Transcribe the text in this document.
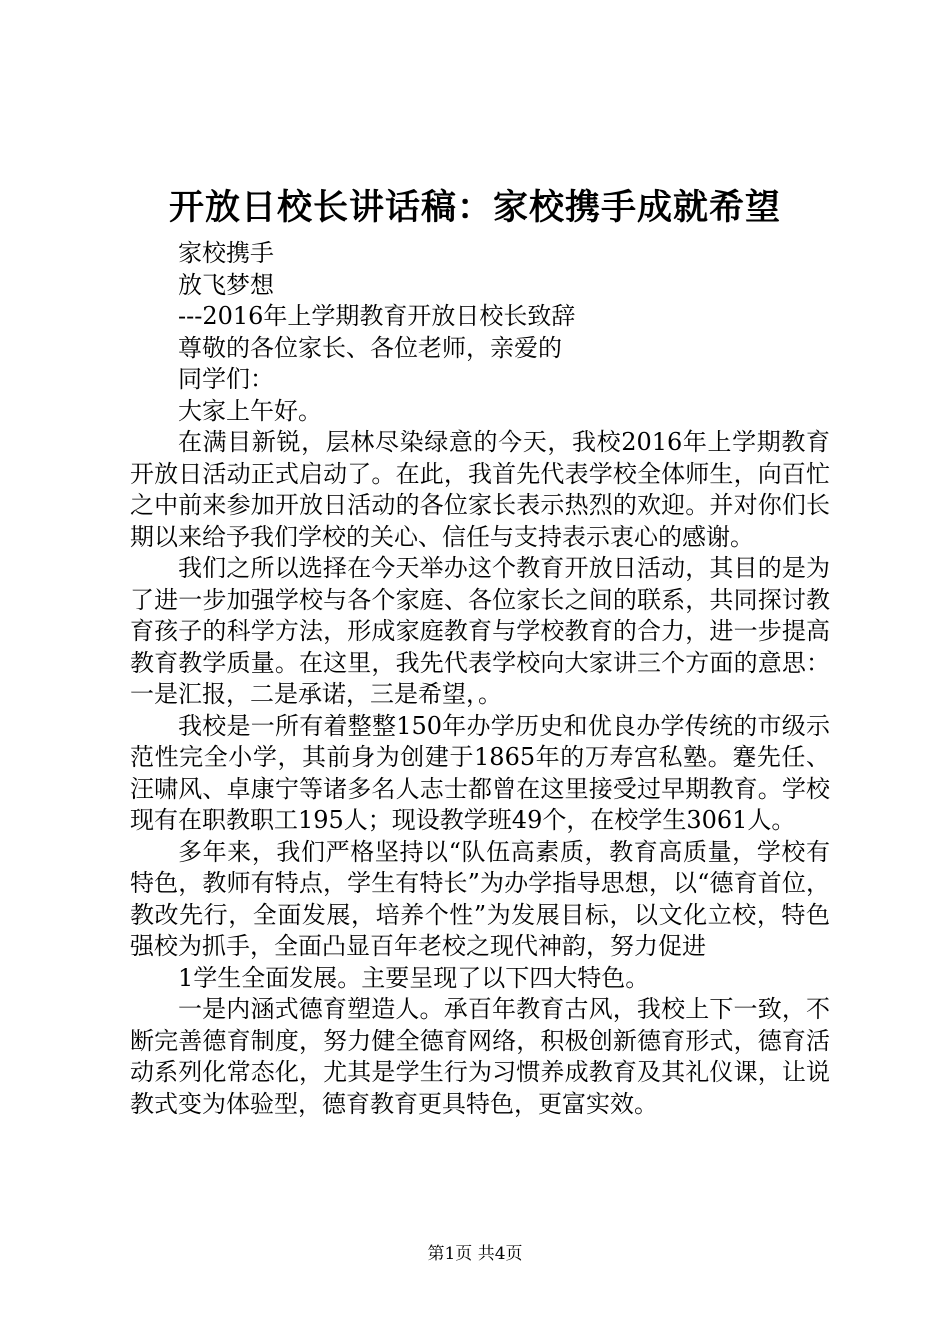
开放日校长讲话稿：家校携手成就希望
家校携手
放飞梦想
---2016年上学期教育开放日校长致辞
尊敬的各位家长、各位老师，亲爱的
同学们：
大家上午好。

在满目新锐，层林尽染绿意的今天，我校2016年上学期教育开放日活动正式启动了。在此，我首先代表学校全体师生，向百忙之中前来参加开放日活动的各位家长表示热烈的欢迎。并对你们长期以来给予我们学校的关心、信任与支持表示衷心的感谢。

我们之所以选择在今天举办这个教育开放日活动，其目的是为了进一步加强学校与各个家庭、各位家长之间的联系，共同探讨教育孩子的科学方法，形成家庭教育与学校教育的合力，进一步提高教育教学质量。在这里，我先代表学校向大家讲三个方面的意思：一是汇报，二是承诺，三是希望，。

我校是一所有着整整150年办学历史和优良办学传统的市级示范性完全小学，其前身为创建于1865年的万寿宫私塾。蹇先任、汪啸风、卓康宁等诸多名人志士都曾在这里接受过早期教育。学校现有在职教职工195人；现设教学班49个，在校学生3061人。

多年来，我们严格坚持以“队伍高素质，教育高质量，学校有特色，教师有特点，学生有特长”为办学指导思想，以“德育首位，教改先行，全面发展，培养个性”为发展目标，以文化立校，特色强校为抓手，全面凸显百年老校之现代神韵，努力促进

1学生全面发展。主要呈现了以下四大特色。

一是内涵式德育塑造人。承百年教育古风，我校上下一致，不断完善德育制度，努力健全德育网络，积极创新德育形式，德育活动系列化常态化，尤其是学生行为习惯养成教育及其礼仪课，让说教式变为体验型，德育教育更具特色，更富实效。

第1页 共4页
